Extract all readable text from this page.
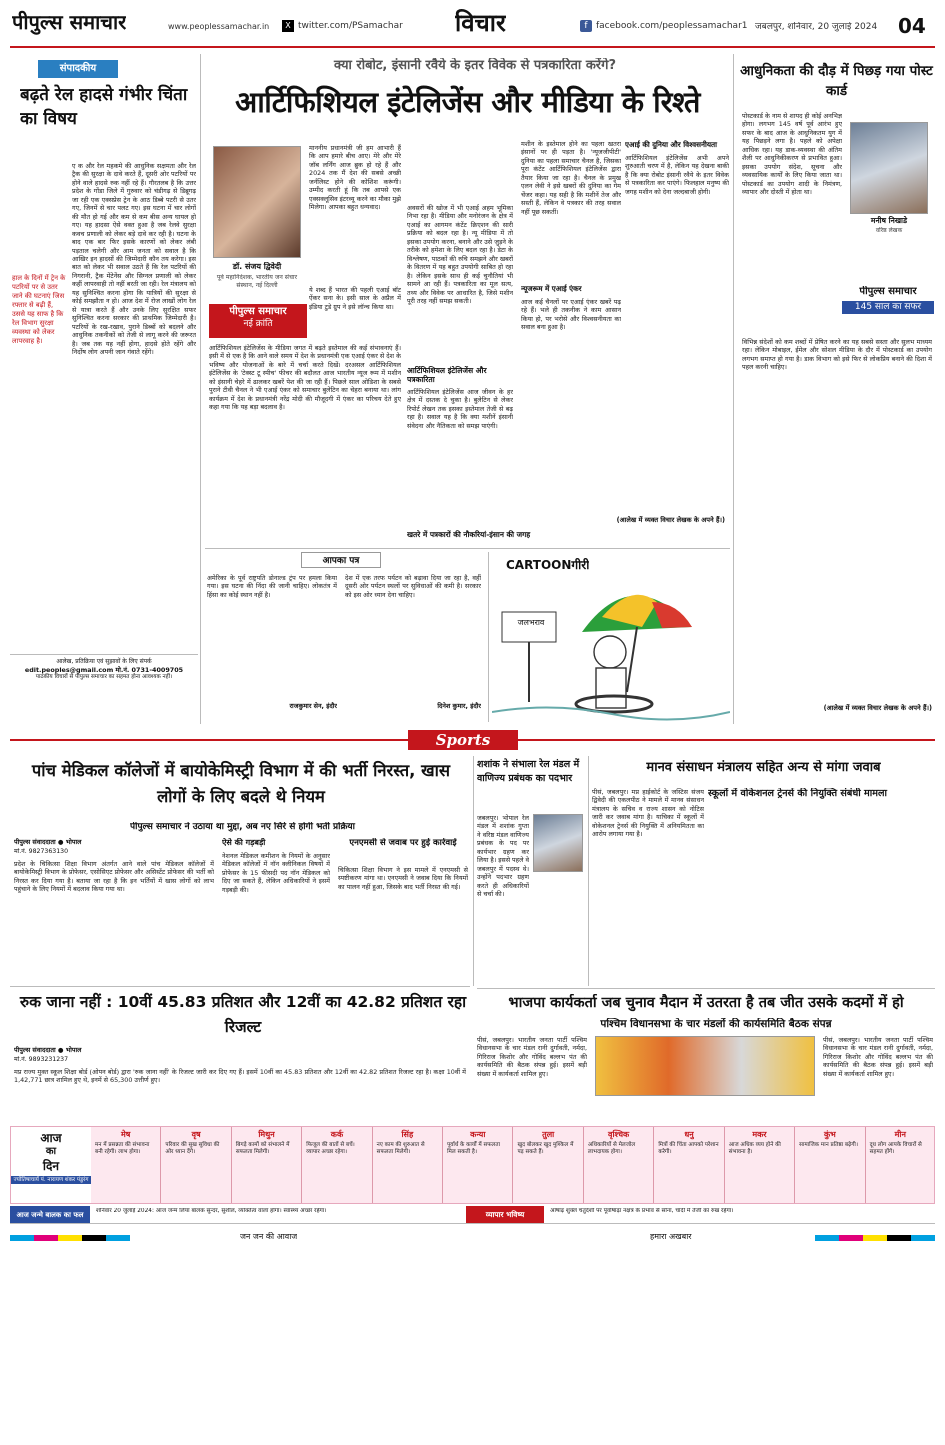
पीपुल्स समाचार	www.peoplessamachar.in	X twitter.com/PSamachar विचार	f facebook.com/peoplessamachar1 जबलपुर, शनिवार, 20 जुलाई 2024 04
संपादकीय
बढ़ते रेल हादसे गंभीर चिंता का विषय
ए क और रेल महकमे की आधुनिक सक्षमता और रेल ट्रैक की सुरक्षा के दावे करते हैं, दूसरी ओर पटरियों पर होने वाले हादसे रुक नहीं रहे हैं। गौरतलब है कि उत्तर प्रदेश के गोंडा जिले में गुरुवार को चंडीगढ़ से डिब्रूगढ़ जा रही एक एक्सप्रेस ट्रेन के आठ डिब्बे पटरी से उतर गए, जिनमें से चार पलट गए। इस घटना में चार लोगों की मौत हो गई और कम से कम बीस अन्य घायल हो गए। यह हादसा ऐसे वक्त हुआ है जब रेलवे सुरक्षा कवच प्रणाली को लेकर बड़े दावे कर रही है। घटना के बाद एक बार फिर इसके कारणों को लेकर लंबी पड़ताल चलेगी और आम जनता को सवाल है कि आखिर इन हादसों की जिम्मेदारी कौन तय करेगा। इस बात को लेकर भी सवाल उठते हैं कि रेल पटरियों की निगरानी, ट्रैक मेंटेनेंस और सिग्नल प्रणाली को लेकर कहीं लापरवाही तो नहीं बरती जा रही। रेल मंत्रालय को यह सुनिश्चित करना होगा कि यात्रियों की सुरक्षा से कोई समझौता न हो। आज देश में रोज लाखों लोग रेल से यात्रा करते हैं और उनके लिए सुरक्षित सफर सुनिश्चित करना सरकार की प्राथमिक जिम्मेदारी है। पटरियों के रख-रखाव, पुराने डिब्बों को बदलने और आधुनिक तकनीकों को तेजी से लागू करने की जरूरत है। जब तक यह नहीं होगा, हादसे होते रहेंगे और निर्दोष लोग अपनी जान गंवाते रहेंगे।
हाल के दिनों में ट्रेन के पटरियों पर से उतर जाने की घटनाएं जिस रफ्तार से बढ़ी हैं, उससे यह साफ है कि रेल विभाग सुरक्षा व्यवस्था को लेकर लापरवाह है।
आलेख, प्रतिक्रिया एवं सुझावों के लिए संपर्क
edit.peoples@gmail.com मो.नं. 0731-4009705
पाठकीय विचारों से पीपुल्स समाचार का सहमत होना आवश्यक नहीं।
क्या रोबोट, इंसानी रवैये के इतर विवेक से पत्रकारिता करेंगे?
आर्टिफिशियल इंटेलिजेंस और मीडिया के रिश्ते
डॉ. संजय द्विवेदी
पूर्व महानिदेशक, भारतीय जन संचार संस्थान, नई दिल्ली
पीपुल्स समाचार
नई क्रांति
माननीय प्रधानमंत्री जी हम आभारी हैं कि आप हमारे बीच आए। मेरे और मेरे जॉब लर्निंग आज ब्रुक हो रहे हैं और 2024 तक मैं देश की सबसे अच्छी जर्नलिस्ट होने की कोशिश करूंगी। उम्मीद करती हूं कि तब आपसे एक एक्सक्लूसिव इंटरव्यू करने का मौका मुझे मिलेगा। आपका बहुत धन्यवाद।
ये शब्द हैं भारत की पहली एआई बॉट ऐंकर सना के। इसी साल के अप्रैल में इंडिया टुडे ग्रुप ने इसे लॉन्च किया था।
आर्टिफिशियल इंटेलिजेंस के मीडिया जगत में बढ़ते इस्तेमाल की कई संभावनाएं हैं। इसी में से एक है कि आने वाले समय में देश के प्रधानमंत्री एक एआई एंकर से देश के भविष्य और योजनाओं के बारे में चर्चा करते दिखें। दरअसल आर्टिफिशियल इंटेलिजेंस के 'टेक्स्ट टू स्पीच' फीचर की बदौलत आज भारतीय न्यूज रूम में मशीन को इंसानी चेहरे में ढालकर खबरें पेश की जा रही हैं। पिछले साल ओडिशा के सबसे पुराने टीवी चैनल ने भी एआई एंकर को समाचार बुलेटिन का चेहरा बनाया था। लांग कार्यक्रम में देश के प्रधानमंत्री नरेंद्र मोदी की मौजूदगी में एंकर का परिचय देते हुए कहा गया कि यह बड़ा बदलाव है।
अवसरों की खोज में भी एआई अहम भूमिका निभा रहा है। मीडिया और मनोरंजन के क्षेत्र में एआई का आगमन कंटेंट क्रिएशन की सारी प्रक्रिया को बदल रहा है। न्यू मीडिया में तो इसका उपयोग करना, बनाने और उसे जुड़ने के तरीके को हमेशा के लिए बदल रहा है। डेटा के विश्लेषण, पाठकों की रुचि समझने और खबरों के वितरण में यह बहुत उपयोगी साबित हो रहा है। लेकिन इसके साथ ही कई चुनौतियां भी सामने आ रही हैं। पत्रकारिता का मूल सत्य, तथ्य और विवेक पर आधारित है, जिसे मशीन पूरी तरह नहीं समझ सकती।
आर्टिफिशियल इंटेलिजेंस और पत्रकारिता
आर्टिफिशियल इंटेलिजेंस आज जीवन के हर क्षेत्र में दस्तक दे चुका है। बुलेटिन से लेकर रिपोर्ट लेखन तक इसका इस्तेमाल तेजी से बढ़ रहा है। सवाल यह है कि क्या मशीनें इंसानी संवेदना और नैतिकता को समझ पाएंगी।
खतरे में पत्रकारों की नौकरियां-इंसान की जगह
मशीन के इस्तेमाल होने का पहला खतरा इंसानों पर ही पड़ता है। 'न्यूजजीपीटी' दुनिया का पहला समाचार चैनल है, जिसका पूरा कंटेंट आर्टिफिशियल इंटेलिजेंस द्वारा तैयार किया जा रहा है। चैनल के प्रमुख एलन लेवी ने इसे खबरों की दुनिया का गेम चेंजर कहा। यह सही है कि मशीनें तेज और सस्ती हैं, लेकिन वे पत्रकार की तरह सवाल नहीं पूछ सकतीं।
न्यूजरूम में एआई एंकर
आज कई चैनलों पर एआई एंकर खबरें पढ़ रहे हैं। भले ही तकनीक ने काम आसान किया हो, पर भरोसे और विश्वसनीयता का सवाल बना हुआ है।
एआई की दुनिया और विश्वसनीयता
आर्टिफिशियल इंटेलिजेंस अभी अपने शुरुआती चरण में है, लेकिन यह देखना बाकी है कि क्या रोबोट इंसानी रवैये के इतर विवेक से पत्रकारिता कर पाएंगे। फिलहाल मनुष्य की जगह मशीन को देना जल्दबाजी होगी।
(आलेख में व्यक्त विचार लेखक के अपने हैं।)
आधुनिकता की दौड़ में पिछड़ गया पोस्ट कार्ड
पोस्टकार्ड के नाम से शायद ही कोई अनभिज्ञ होगा। लगभग 145 वर्ष पूर्व आरंभ हुए सफर के बाद आज के आधुनिकतम युग में यह पिछड़ने लगा है। पहले को अपेक्षा आधिक रहा। यह डाक-व्यवस्था की अंतिम शैली पर आधुनिकीकरण से प्रभावित हुआ। इसका उपयोग संदेश, सूचना और व्यवसायिक कार्यों के लिए किया जाता था। पोस्टकार्ड का उपयोग शादी के निमंत्रण, व्यापार और दोस्ती में होता था।
मनीष निखाडे
वरिष्ठ लेखक
पीपुल्स समाचार
145 साल का सफर
विभिन्न संदेशों को कम शब्दों में प्रेषित करने का यह सबसे सस्ता और सुलभ माध्यम रहा। लेकिन मोबाइल, ईमेल और सोशल मीडिया के दौर में पोस्टकार्ड का उपयोग लगभग समाप्त हो गया है। डाक विभाग को इसे फिर से लोकप्रिय बनाने की दिशा में पहल करनी चाहिए।
(आलेख में व्यक्त विचार लेखक के अपने हैं।)
आपका पत्र
अमेरिका के पूर्व राष्ट्रपति डोनाल्ड ट्रंप पर हमला किया गया। इस घटना की निंदा की जानी चाहिए। लोकतंत्र में हिंसा का कोई स्थान नहीं है।
राजकुमार सेन, इंदौर
देश में एक तरफ पर्यटन को बढ़ावा दिया जा रहा है, वहीं दूसरी ओर पर्यटन स्थलों पर सुविधाओं की कमी है। सरकार को इस ओर ध्यान देना चाहिए।
दिनेश कुमार, इंदौर
CARTOONगीरी
जलभराव
Sports
पांच मेडिकल कॉलेजों में बायोकेमिस्ट्री विभाग में की भर्ती निरस्त, खास लोगों के लिए बदले थे नियम
पीपुल्स समाचार ने उठाया था मुद्दा, अब नए सिरे से होगी भर्ती प्रक्रिया
पीपुल्स संवाददाता ● भोपाल
मो.नं. 9827363130
प्रदेश के चिकित्सा शिक्षा विभाग अंतर्गत आने वाले पांच मेडिकल कॉलेजों में बायोकेमिस्ट्री विभाग के प्रोफेसर, एसोसिएट प्रोफेसर और असिस्टेंट प्रोफेसर की भर्ती को निरस्त कर दिया गया है। बताया जा रहा है कि इन भर्तियों में खास लोगों को लाभ पहुंचाने के लिए नियमों में बदलाव किया गया था।
ऐसे की गड़बड़ी
नेशनल मेडिकल कमीशन के नियमों के अनुसार मेडिकल कॉलेजों में नॉन क्लीनिकल विषयों में प्रोफेसर के 15 फीसदी पद नॉन मेडिकल को दिए जा सकते हैं, लेकिन अधिकारियों ने इसमें गड़बड़ी की।
एनएमसी से जवाब पर हुई कार्रवाई
चिकित्सा शिक्षा विभाग ने इस मामले में एनएमसी से स्पष्टीकरण मांगा था। एनएमसी ने जवाब दिया कि नियमों का पालन नहीं हुआ, जिसके बाद भर्ती निरस्त की गई।
रुक जाना नहीं : 10वीं 45.83 प्रतिशत और 12वीं का 42.82 प्रतिशत रहा रिजल्ट
पीपुल्स संवाददाता ● भोपाल
मो.नं. 9893231237
मप्र राज्य मुक्त स्कूल शिक्षा बोर्ड (ओपन बोर्ड) द्वारा 'रुक जाना नहीं' के रिजल्ट जारी कर दिए गए हैं। इसमें 10वीं का 45.83 प्रतिशत और 12वीं का 42.82 प्रतिशत रिजल्ट रहा है। कक्षा 10वीं में 1,42,771 छात्र शामिल हुए थे, इनमें से 65,300 उत्तीर्ण हुए।
शशांक ने संभाला रेल मंडल में वाणिज्य प्रबंधक का पदभार
जबलपुर। भोपाल रेल मंडल में शशांक गुप्ता ने वरिष्ठ मंडल वाणिज्य प्रबंधक के पद पर कार्यभार ग्रहण कर लिया है। इससे पहले वे जबलपुर में पदस्थ थे। उन्होंने पदभार ग्रहण करते ही अधिकारियों से चर्चा की।
मानव संसाधन मंत्रालय सहित अन्य से मांगा जवाब
स्कूलों में वोकेशनल ट्रेनर्स की नियुक्ति संबंधी मामला
पीसं, जबलपुर। मप्र हाईकोर्ट के जस्टिस संजय द्विवेदी की एकलपीठ ने मामले में मानव संसाधन मंत्रालय के सचिव व राज्य शासन को नोटिस जारी कर जवाब मांगा है। याचिका में स्कूलों में वोकेशनल ट्रेनर्स की नियुक्ति में अनियमितता का आरोप लगाया गया है।
भाजपा कार्यकर्ता जब चुनाव मैदान में उतरता है तब जीत उसके कदमों में हो
पश्चिम विधानसभा के चार मंडलों की कार्यसमिति बैठक संपन्न
पीसं, जबलपुर। भारतीय जनता पार्टी पश्चिम विधानसभा के चार मंडल रानी दुर्गावती, नर्मदा, गिरिराज किशोर और गोविंद बल्लभ पंत की कार्यसमिति की बैठक संपन्न हुई। इसमें बड़ी संख्या में कार्यकर्ता शामिल हुए।
पीसं, जबलपुर। भारतीय जनता पार्टी पश्चिम विधानसभा के चार मंडल रानी दुर्गावती, नर्मदा, गिरिराज किशोर और गोविंद बल्लभ पंत की कार्यसमिति की बैठक संपन्न हुई। इसमें बड़ी संख्या में कार्यकर्ता शामिल हुए।
आज
का
दिन
ज्योतिषाचार्य पं. नारायण शंकर पंडुरंग
मेष
मन में प्रसन्नता की संभावना बनी रहेगी। लाभ होगा।
वृष
परिवार की सुख सुविधा की ओर ध्यान देंगे।
मिथुन
बिगड़े कामों को संभालने में सफलता मिलेगी।
कर्क
फिजूल की बातों से बचें। व्यापार अच्छा रहेगा।
सिंह
नए काम की शुरुआत से सफलता मिलेगी।
कन्या
पूर्वार्ध के कार्यों में सफलता मिल सकती है।
तुला
खुद बोलकर खुद मुश्किल में पड़ सकते हैं।
वृश्चिक
अधिकारियों से मेलजोल लाभदायक होगा।
धनु
मित्रों की चिंता आपको परेशान करेगी।
मकर
आज अधिक व्यय होने की संभावना है।
कुंभ
सामाजिक मान प्रतिष्ठा बढ़ेगी।
मीन
दूध लोग आपके विचारों से सहमत होंगे।
आज जन्मे बालक का फल	शनिवार 20 जुलाई 2024: आज जन्म लिया बालक सुन्दर, सुशील, व्यक्तित्व वाला होगा। स्वास्थ्य अच्छा रहेगा।	व्यापार भविष्य	आषाढ़ शुक्ल चतुर्दशी पर पूर्वाषाढ़ा नक्षत्र के प्रभाव से सोना, चांदी में तेजी का रुख रहेगा।
जन जन की आवाज	हमारा अखबार
